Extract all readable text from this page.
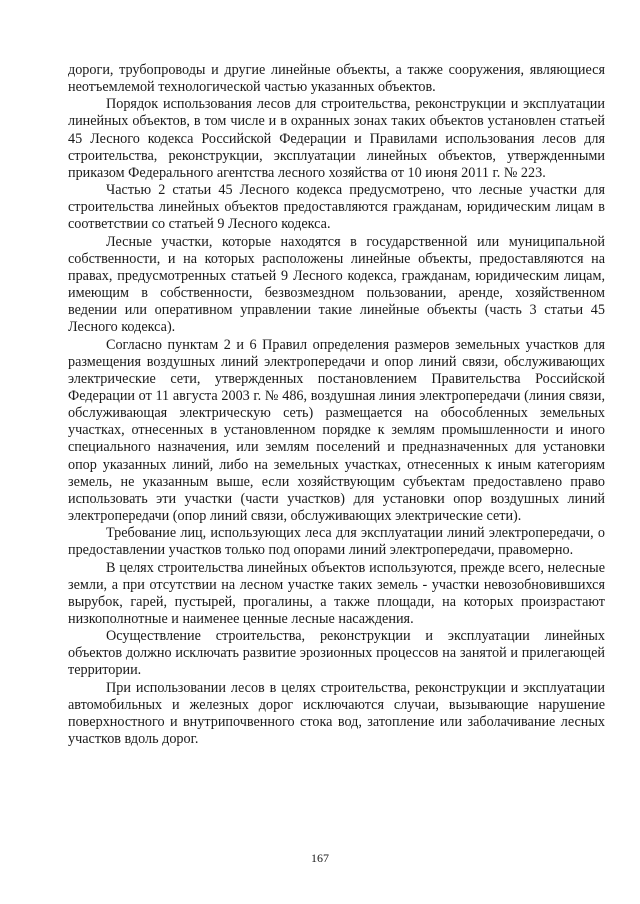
дороги, трубопроводы и другие линейные объекты, а также сооружения, являющиеся неотъемлемой технологической частью указанных объектов.

Порядок использования лесов для строительства, реконструкции и эксплуатации линейных объектов, в том числе и в охранных зонах таких объектов установлен статьей 45 Лесного кодекса Российской Федерации и Правилами использования лесов для строительства, реконструкции, эксплуатации линейных объектов, утвержденными приказом Федерального агентства лесного хозяйства от 10 июня 2011 г. № 223.

Частью 2 статьи 45 Лесного кодекса предусмотрено, что лесные участки для строительства линейных объектов предоставляются гражданам, юридическим лицам в соответствии со статьей 9 Лесного кодекса.

Лесные участки, которые находятся в государственной или муниципальной собственности, и на которых расположены линейные объекты, предоставляются на правах, предусмотренных статьей 9 Лесного кодекса, гражданам, юридическим лицам, имеющим в собственности, безвозмездном пользовании, аренде, хозяйственном ведении или оперативном управлении такие линейные объекты (часть 3 статьи 45 Лесного кодекса).

Согласно пунктам 2 и 6 Правил определения размеров земельных участков для размещения воздушных линий электропередачи и опор линий связи, обслуживающих электрические сети, утвержденных постановлением Правительства Российской Федерации от 11 августа 2003 г. № 486, воздушная линия электропередачи (линия связи, обслуживающая электрическую сеть) размещается на обособленных земельных участках, отнесенных в установленном порядке к землям промышленности и иного специального назначения, или землям поселений и предназначенных для установки опор указанных линий, либо на земельных участках, отнесенных к иным категориям земель, не указанным выше, если хозяйствующим субъектам предоставлено право использовать эти участки (части участков) для установки опор воздушных линий электропередачи (опор линий связи, обслуживающих электрические сети).

Требование лиц, использующих леса для эксплуатации линий электропередачи, о предоставлении участков только под опорами линий электропередачи, правомерно.

В целях строительства линейных объектов используются, прежде всего, нелесные земли, а при отсутствии на лесном участке таких земель - участки невозобновившихся вырубок, гарей, пустырей, прогалины, а также площади, на которых произрастают низкополнотные и наименее ценные лесные насаждения.

Осуществление строительства, реконструкции и эксплуатации линейных объектов должно исключать развитие эрозионных процессов на занятой и прилегающей территории.

При использовании лесов в целях строительства, реконструкции и эксплуатации автомобильных и железных дорог исключаются случаи, вызывающие нарушение поверхностного и внутрипочвенного стока вод, затопление или заболачивание лесных участков вдоль дорог.

167
